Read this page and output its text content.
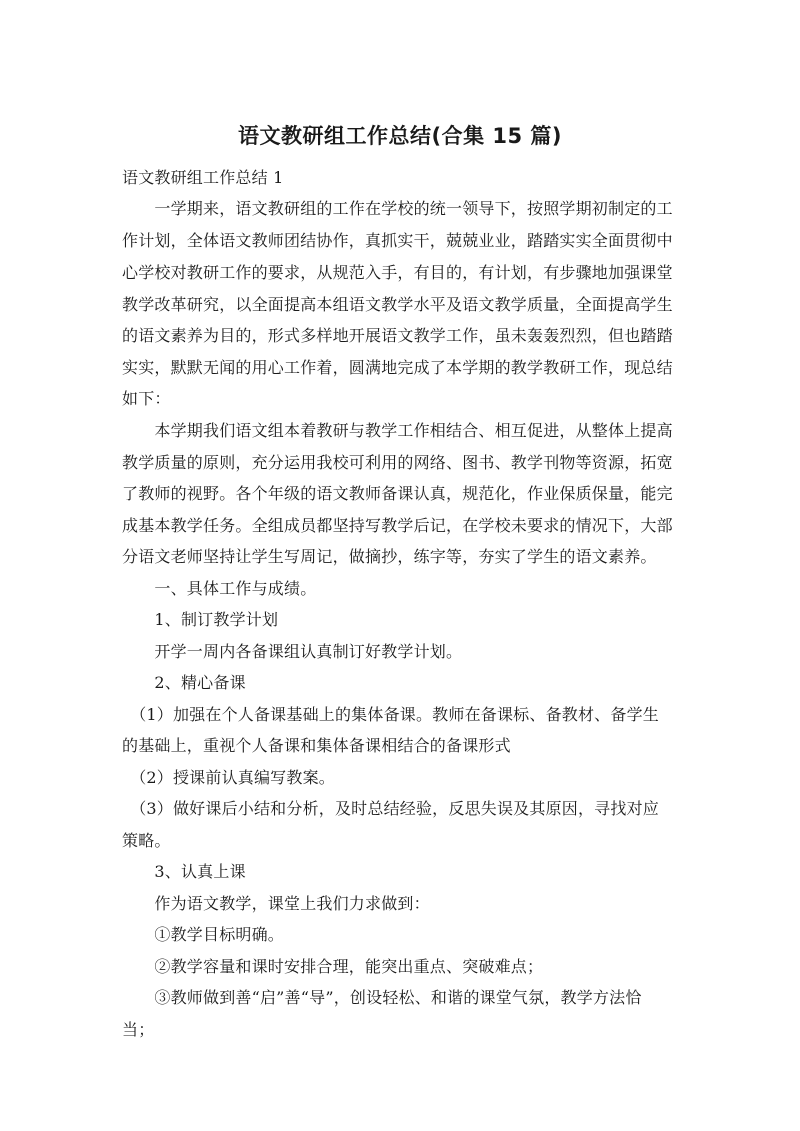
语文教研组工作总结(合集 15 篇)
语文教研组工作总结 1
　　一学期来，语文教研组的工作在学校的统一领导下，按照学期初制定的工
作计划，全体语文教师团结协作，真抓实干，兢兢业业，踏踏实实全面贯彻中
心学校对教研工作的要求，从规范入手，有目的，有计划，有步骤地加强课堂
教学改革研究，以全面提高本组语文教学水平及语文教学质量，全面提高学生
的语文素养为目的，形式多样地开展语文教学工作，虽未轰轰烈烈，但也踏踏
实实，默默无闻的用心工作着，圆满地完成了本学期的教学教研工作，现总结
如下：
　　本学期我们语文组本着教研与教学工作相结合、相互促进，从整体上提高
教学质量的原则，充分运用我校可利用的网络、图书、教学刊物等资源，拓宽
了教师的视野。各个年级的语文教师备课认真，规范化，作业保质保量，能完
成基本教学任务。全组成员都坚持写教学后记，在学校未要求的情况下，大部
分语文老师坚持让学生写周记，做摘抄，练字等，夯实了学生的语文素养。
　　一、具体工作与成绩。
　　1、制订教学计划
　　开学一周内各备课组认真制订好教学计划。
　　2、精心备课
　（1）加强在个人备课基础上的集体备课。教师在备课标、备教材、备学生
的基础上，重视个人备课和集体备课相结合的备课形式
　（2）授课前认真编写教案。
　（3）做好课后小结和分析，及时总结经验，反思失误及其原因，寻找对应
策略。
　　3、认真上课
　　作为语文教学，课堂上我们力求做到：
　　①教学目标明确。
　　②教学容量和课时安排合理，能突出重点、突破难点；
　　③教师做到善“启”善“导”，创设轻松、和谐的课堂气氛，教学方法恰
当；
